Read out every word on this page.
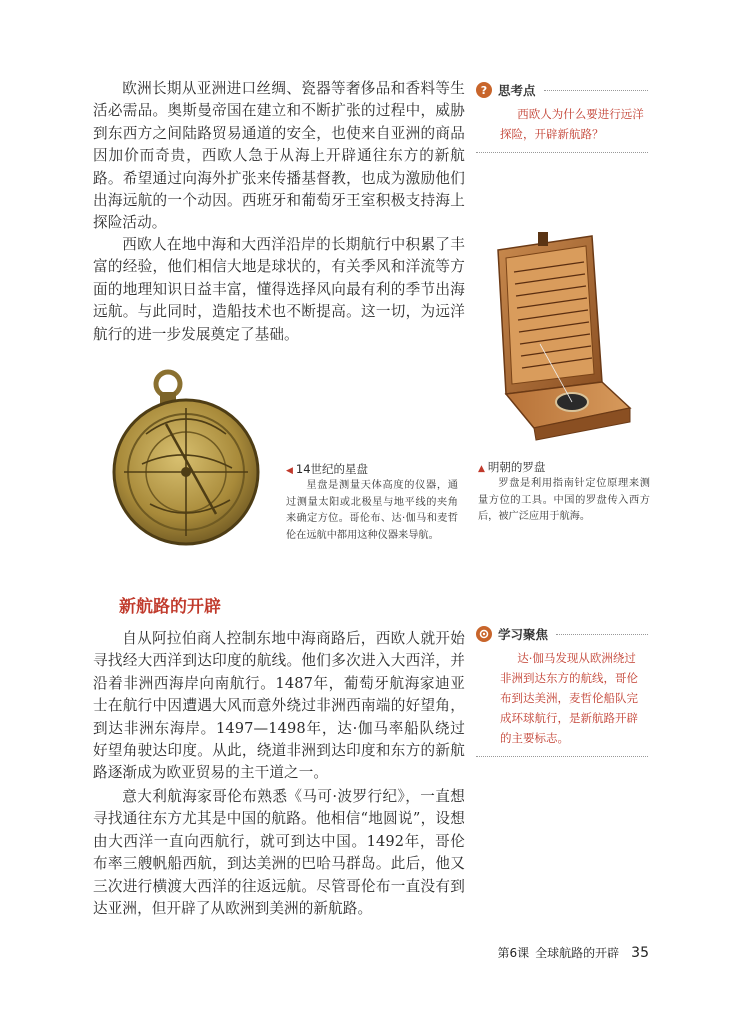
欧洲长期从亚洲进口丝绸、瓷器等奢侈品和香料等生活必需品。奥斯曼帝国在建立和不断扩张的过程中，威胁到东西方之间陆路贸易通道的安全，也使来自亚洲的商品因加价而奇贵，西欧人急于从海上开辟通往东方的新航路。希望通过向海外扩张来传播基督教，也成为激励他们出海远航的一个动因。西班牙和葡萄牙王室积极支持海上探险活动。

西欧人在地中海和大西洋沿岸的长期航行中积累了丰富的经验，他们相信大地是球状的，有关季风和洋流等方面的地理知识日益丰富，懂得选择风向最有利的季节出海远航。与此同时，造船技术也不断提高。这一切，为远洋航行的进一步发展奠定了基础。

? 思考点
西欧人为什么要进行远洋探险，开辟新航路？
▲ 明朝的罗盘
罗盘是利用指南针定位原理来测量方位的工具。中国的罗盘传入西方后，被广泛应用于航海。
◀ 14世纪的星盘
星盘是测量天体高度的仪器，通过测量太阳或北极星与地平线的夹角来确定方位。哥伦布、达·伽马和麦哲伦在远航中都用这种仪器来导航。
新航路的开辟

自从阿拉伯商人控制东地中海商路后，西欧人就开始寻找经大西洋到达印度的航线。他们多次进入大西洋，并沿着非洲西海岸向南航行。1487年，葡萄牙航海家迪亚士在航行中因遭遇大风而意外绕过非洲西南端的好望角，到达非洲东海岸。1497—1498年，达·伽马率船队绕过好望角驶达印度。从此，绕道非洲到达印度和东方的新航路逐渐成为欧亚贸易的主干道之一。

意大利航海家哥伦布熟悉《马可·波罗行纪》，一直想寻找通往东方尤其是中国的航路。他相信“地圆说”，设想由大西洋一直向西航行，就可到达中国。1492年，哥伦布率三艘帆船西航，到达美洲的巴哈马群岛。此后，他又三次进行横渡大西洋的往返远航。尽管哥伦布一直没有到达亚洲，但开辟了从欧洲到美洲的新航路。

学习聚焦
达·伽马发现从欧洲绕过非洲到达东方的航线，哥伦布到达美洲，麦哲伦船队完成环球航行，是新航路开辟的主要标志。
第6课 全球航路的开辟 35
